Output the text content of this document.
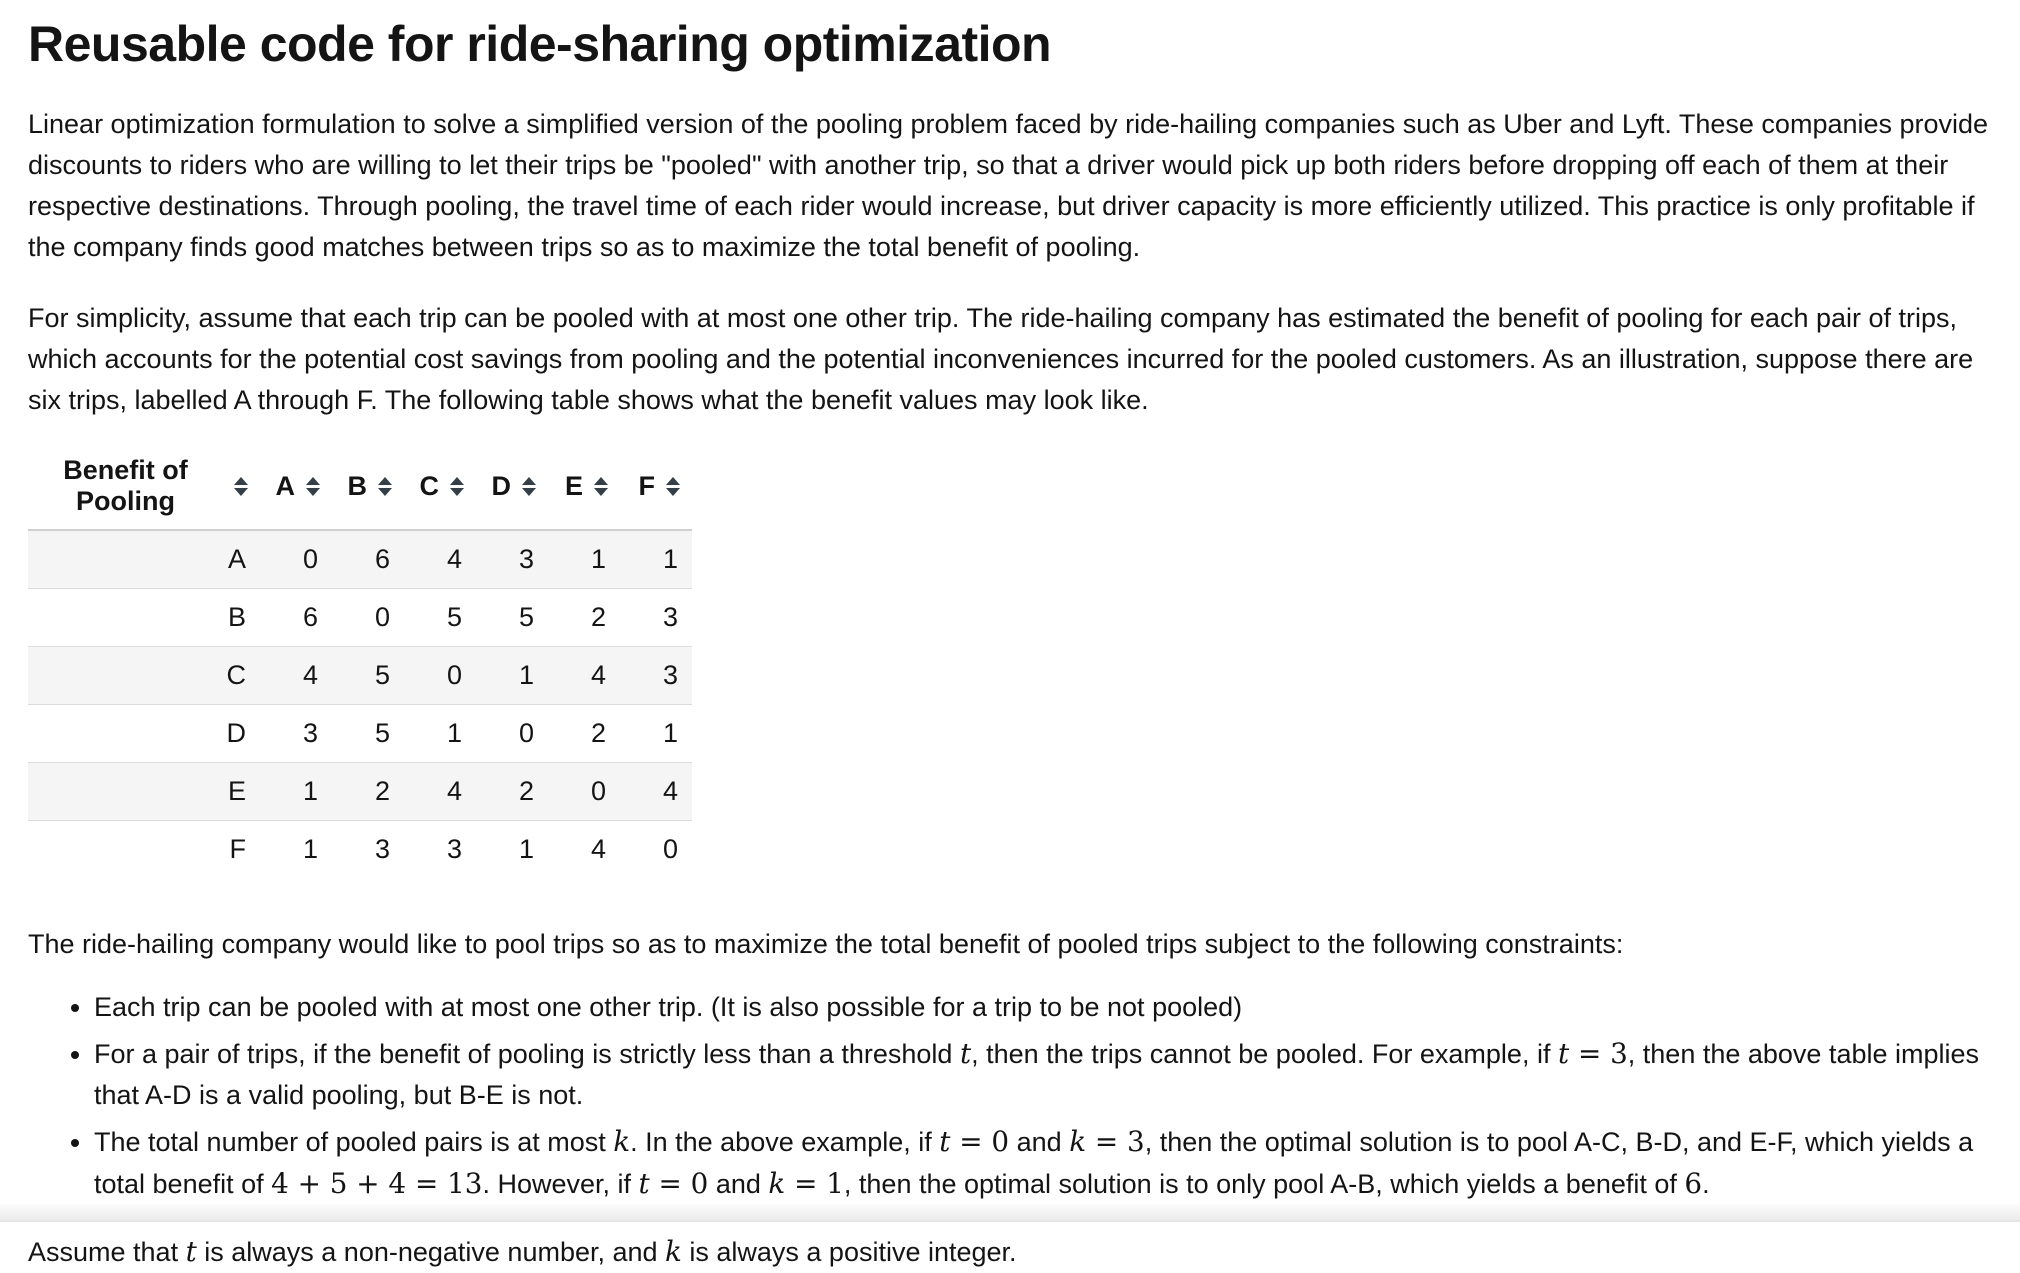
Reusable code for ride-sharing optimization

Linear optimization formulation to solve a simplified version of the pooling problem faced by ride-hailing companies such as Uber and Lyft. These companies provide discounts to riders who are willing to let their trips be "pooled" with another trip, so that a driver would pick up both riders before dropping off each of them at their respective destinations. Through pooling, the travel time of each rider would increase, but driver capacity is more efficiently utilized. This practice is only profitable if the company finds good matches between trips so as to maximize the total benefit of pooling.

For simplicity, assume that each trip can be pooled with at most one other trip. The ride-hailing company has estimated the benefit of pooling for each pair of trips, which accounts for the potential cost savings from pooling and the potential inconveniences incurred for the pooled customers. As an illustration, suppose there are six trips, labelled A through F. The following table shows what the benefit values may look like.

Benefit of Pooling	A	B	C	D	E	F

A	0	6	4	3	1	1
B	6	0	5	5	2	3
C	4	5	0	1	4	3
D	3	5	1	0	2	1
E	1	2	4	2	0	4
F	1	3	3	1	4	0

The ride-hailing company would like to pool trips so as to maximize the total benefit of pooled trips subject to the following constraints:

• Each trip can be pooled with at most one other trip. (It is also possible for a trip to be not pooled)
• For a pair of trips, if the benefit of pooling is strictly less than a threshold t, then the trips cannot be pooled. For example, if t = 3, then the above table implies that A-D is a valid pooling, but B-E is not.
• The total number of pooled pairs is at most k. In the above example, if t = 0 and k = 3, then the optimal solution is to pool A-C, B-D, and E-F, which yields a total benefit of 4 + 5 + 4 = 13. However, if t = 0 and k = 1, then the optimal solution is to only pool A-B, which yields a benefit of 6.

Assume that t is always a non-negative number, and k is always a positive integer.
